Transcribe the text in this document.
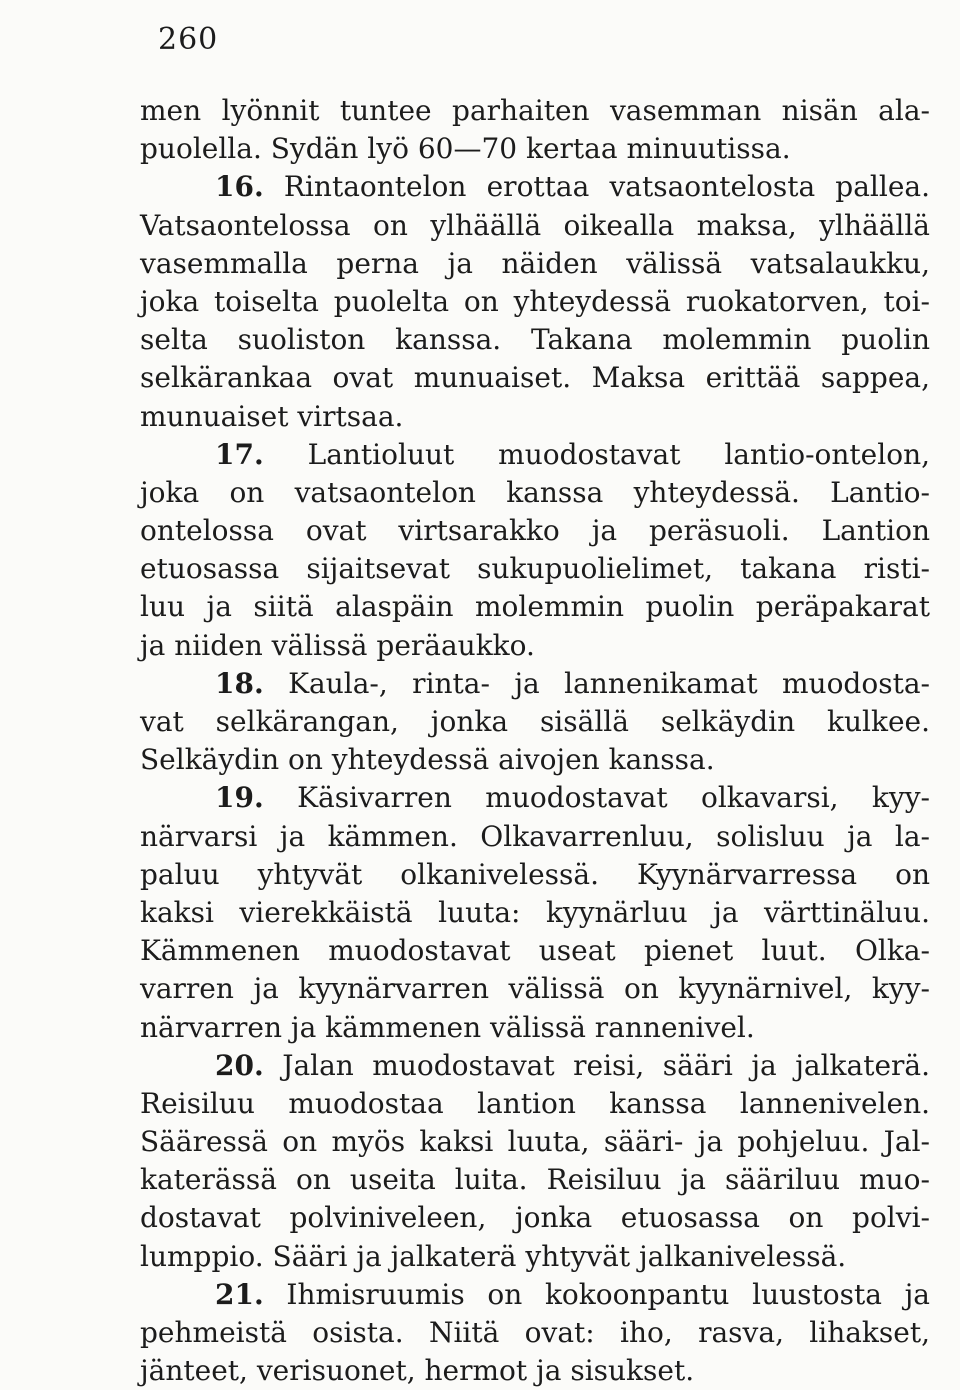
260
men lyönnit tuntee parhaiten vasemman nisän ala-
puolella. Sydän lyö 60—70 kertaa minuutissa.
16. Rintaontelon erottaa vatsaontelosta pallea.
Vatsaontelossa on ylhäällä oikealla maksa, ylhäällä
vasemmalla perna ja näiden välissä vatsalaukku,
joka toiselta puolelta on yhteydessä ruokatorven, toi-
selta suoliston kanssa. Takana molemmin puolin
selkärankaa ovat munuaiset. Maksa erittää sappea,
munuaiset virtsaa.
17. Lantioluut muodostavat lantio-ontelon,
joka on vatsaontelon kanssa yhteydessä. Lantio-
ontelossa ovat virtsarakko ja peräsuoli. Lantion
etuosassa sijaitsevat sukupuolielimet, takana risti-
luu ja siitä alaspäin molemmin puolin peräpakarat
ja niiden välissä peräaukko.
18. Kaula-, rinta- ja lannenikamat muodosta-
vat selkärangan, jonka sisällä selkäydin kulkee.
Selkäydin on yhteydessä aivojen kanssa.
19. Käsivarren muodostavat olkavarsi, kyy-
närvarsi ja kämmen. Olkavarrenluu, solisluu ja la-
paluu yhtyvät olkanivelessä. Kyynärvarressa on
kaksi vierekkäistä luuta: kyynärluu ja värttinäluu.
Kämmenen muodostavat useat pienet luut. Olka-
varren ja kyynärvarren välissä on kyynärnivel, kyy-
närvarren ja kämmenen välissä rannenivel.
20. Jalan muodostavat reisi, sääri ja jalkaterä.
Reisiluu muodostaa lantion kanssa lannenivelen.
Sääressä on myös kaksi luuta, sääri- ja pohjeluu. Jal-
katerässä on useita luita. Reisiluu ja sääriluu muo-
dostavat polviniveleen, jonka etuosassa on polvi-
lumppio. Sääri ja jalkaterä yhtyvät jalkanivelessä.
21. Ihmisruumis on kokoonpantu luustosta ja
pehmeistä osista. Niitä ovat: iho, rasva, lihakset,
jänteet, verisuonet, hermot ja sisukset.
